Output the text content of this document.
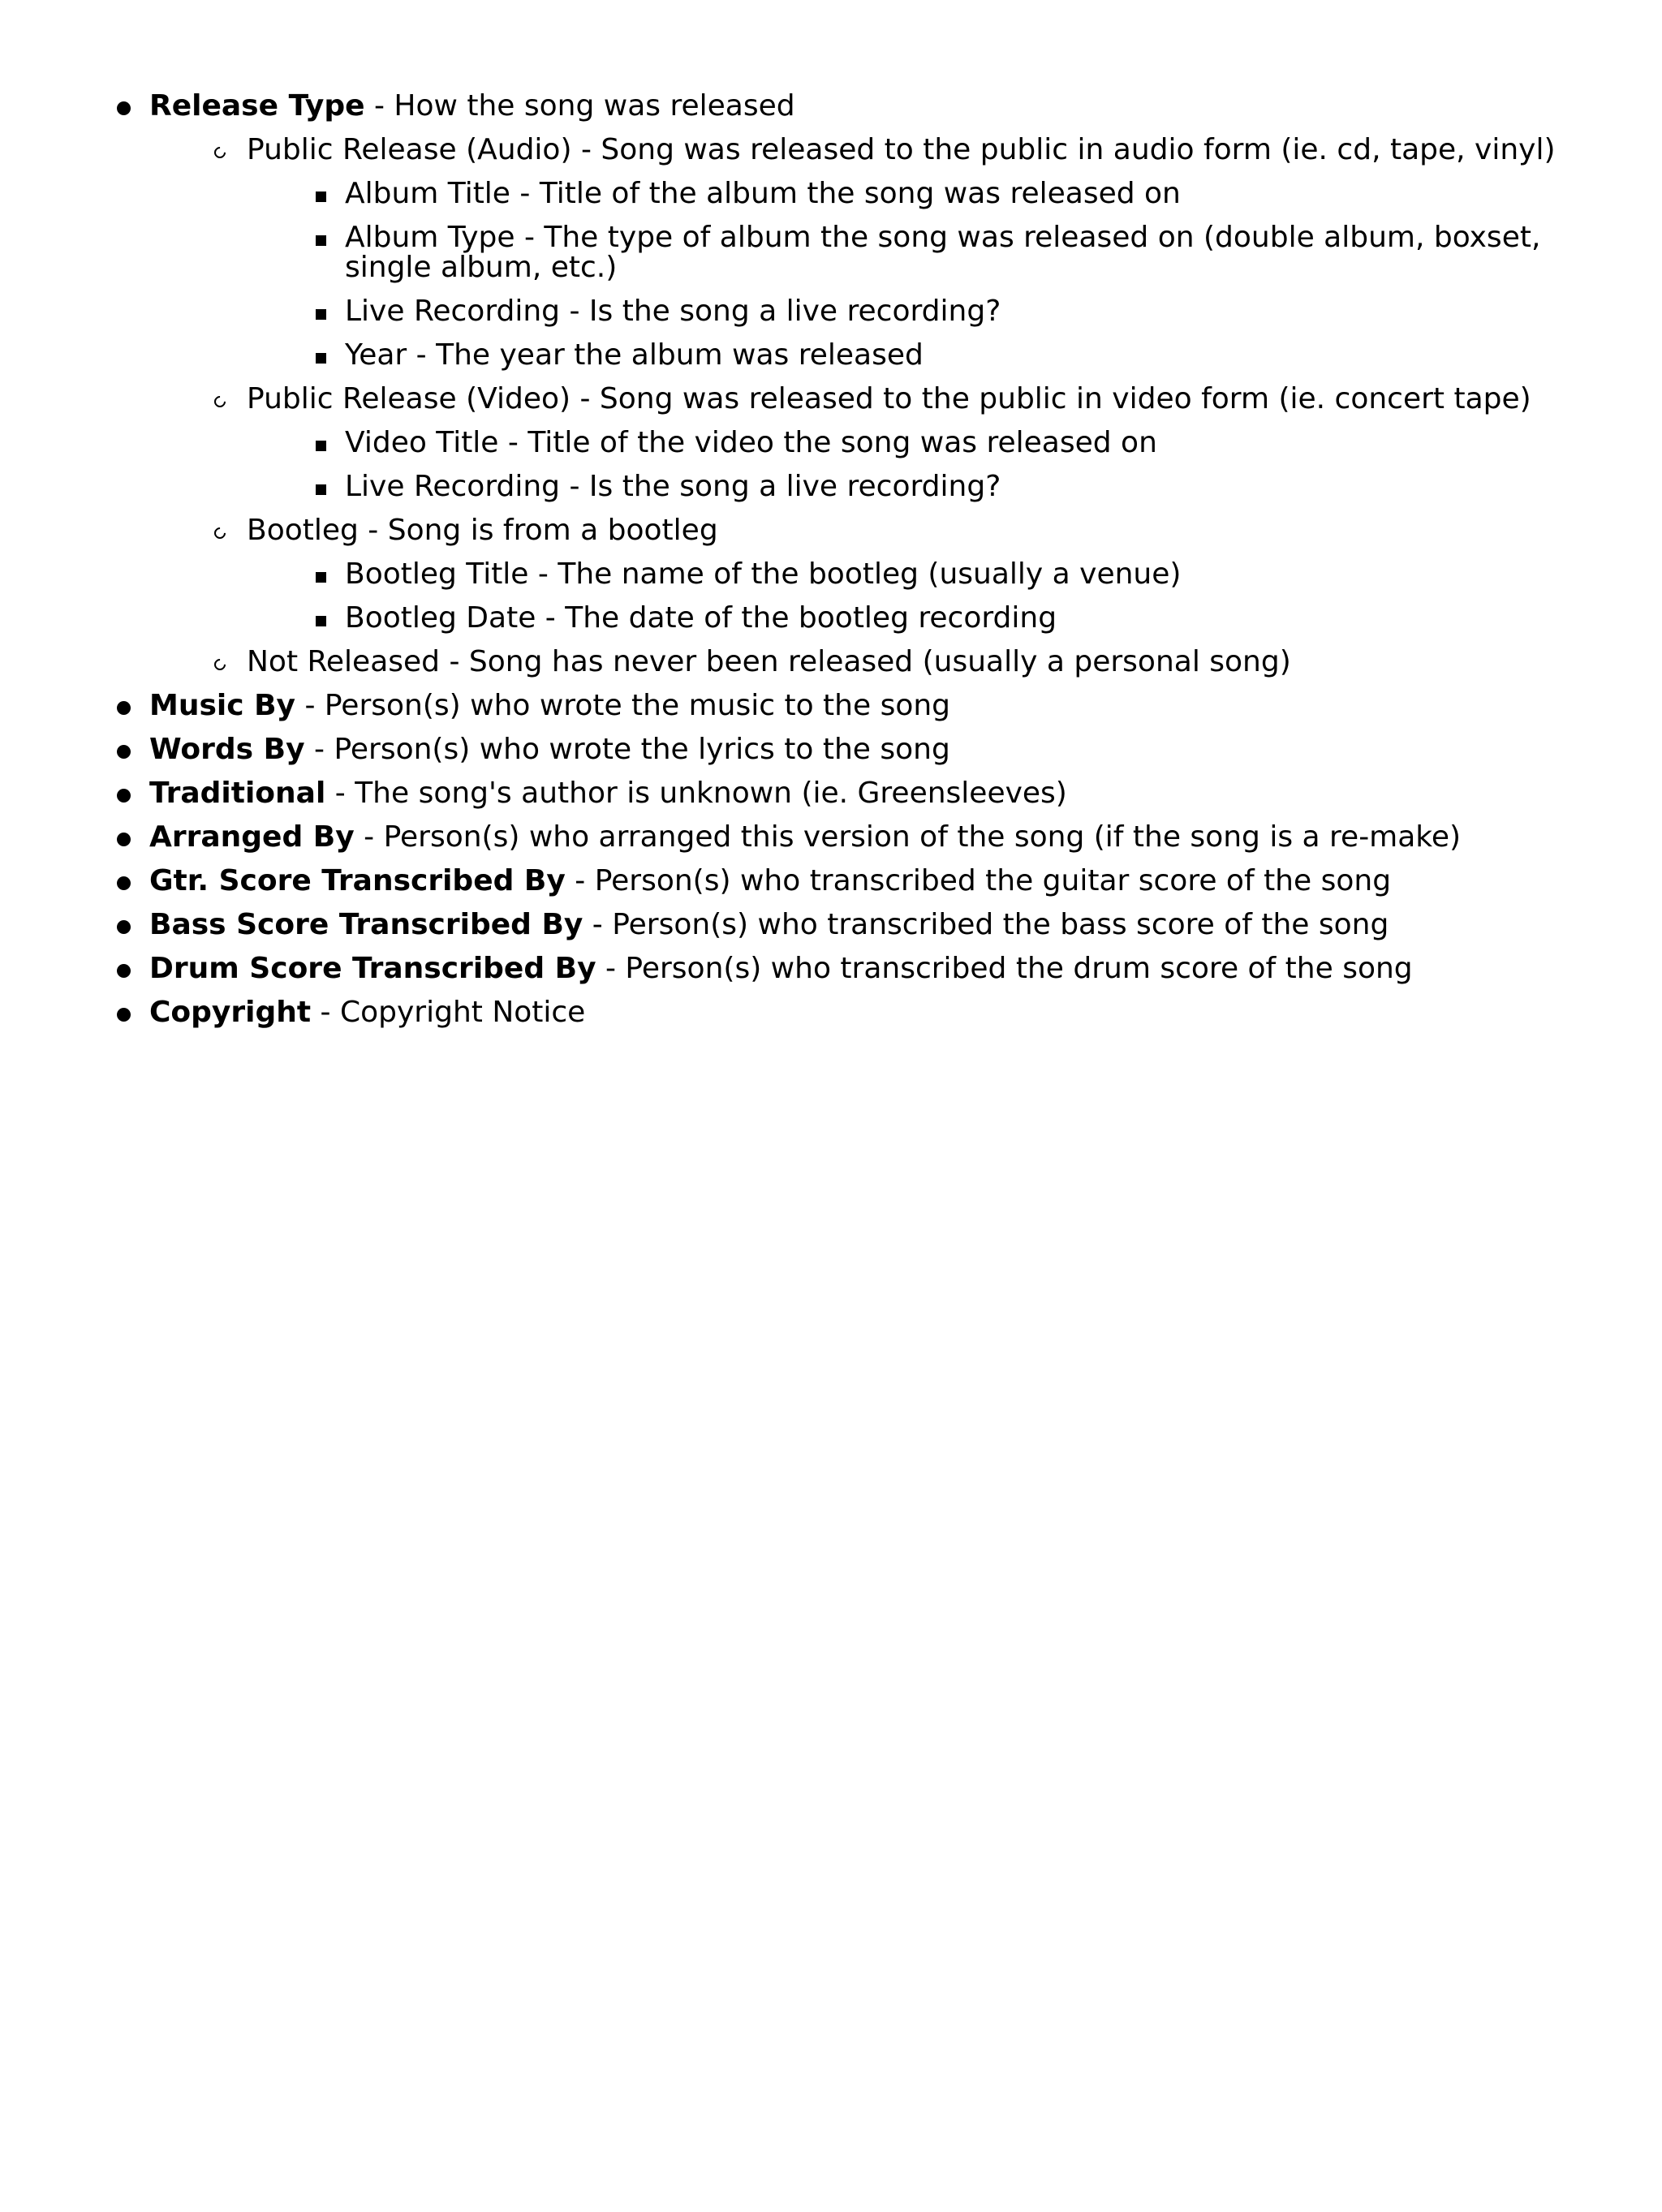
Release Type - How the song was released
Public Release (Audio) - Song was released to the public in audio form (ie. cd, tape, vinyl)
Album Title - Title of the album the song was released on
Album Type - The type of album the song was released on (double album, boxset, single album, etc.)
Live Recording - Is the song a live recording?
Year - The year the album was released
Public Release (Video) - Song was released to the public in video form (ie. concert tape)
Video Title - Title of the video the song was released on
Live Recording - Is the song a live recording?
Bootleg - Song is from a bootleg
Bootleg Title - The name of the bootleg (usually a venue)
Bootleg Date - The date of the bootleg recording
Not Released - Song has never been released (usually a personal song)
Music By - Person(s) who wrote the music to the song
Words By - Person(s) who wrote the lyrics to the song
Traditional - The song's author is unknown (ie. Greensleeves)
Arranged By - Person(s) who arranged this version of the song (if the song is a re-make)
Gtr. Score Transcribed By - Person(s) who transcribed the guitar score of the song
Bass Score Transcribed By - Person(s) who transcribed the bass score of the song
Drum Score Transcribed By - Person(s) who transcribed the drum score of the song
Copyright - Copyright Notice
